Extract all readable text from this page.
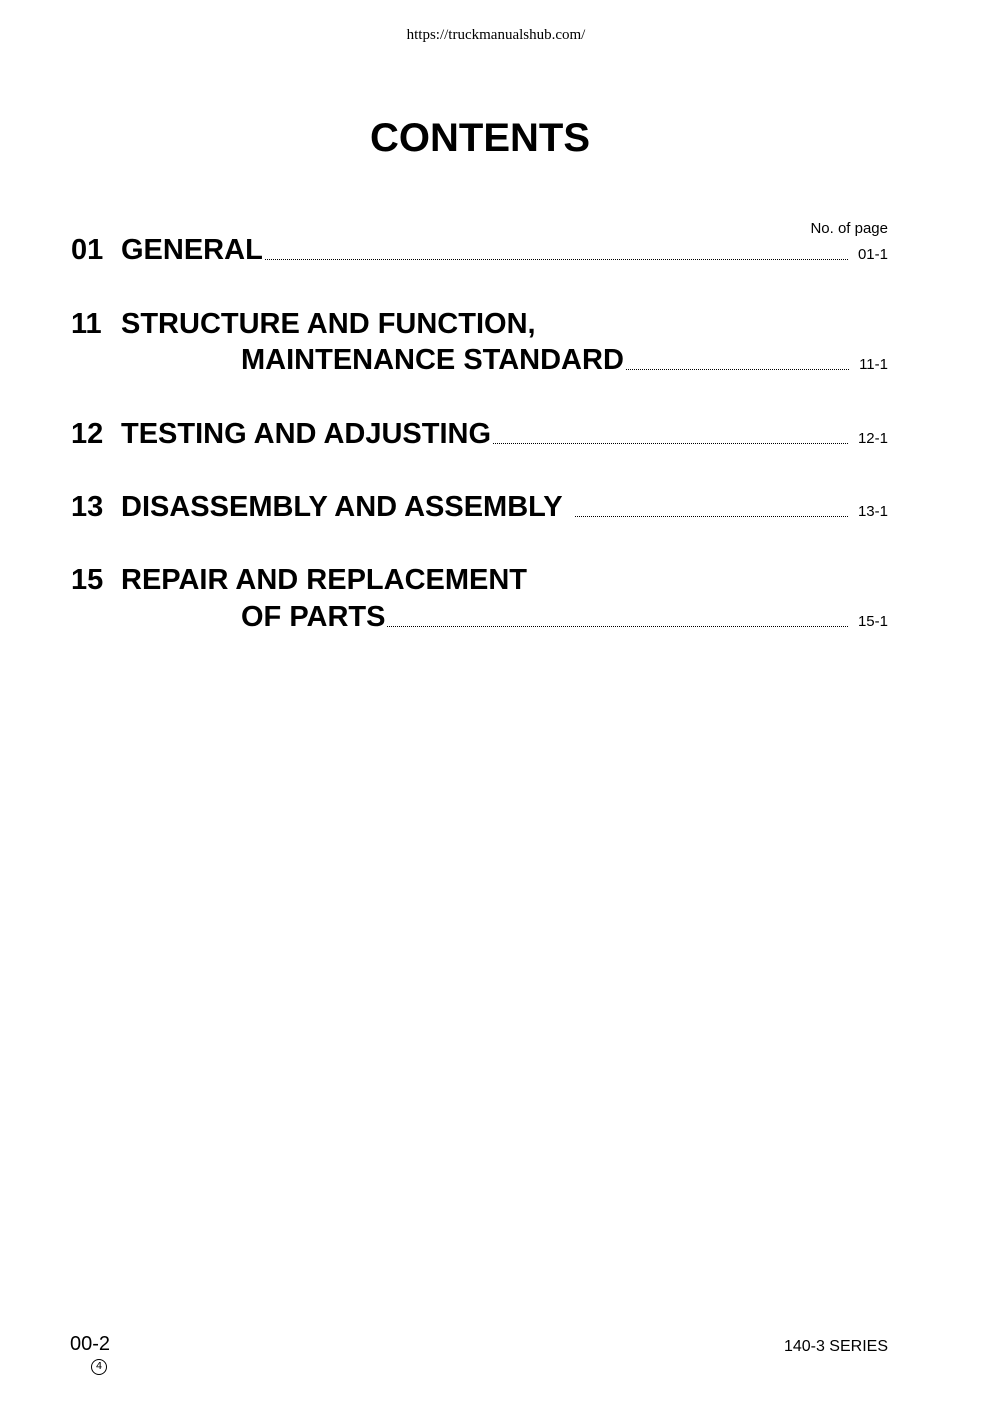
https://truckmanualshub.com/
CONTENTS
No. of page
01 GENERAL	01-1
11 STRUCTURE AND FUNCTION,
MAINTENANCE STANDARD	11-1
12 TESTING AND ADJUSTING	12-1
13 DISASSEMBLY AND ASSEMBLY	13-1
15 REPAIR AND REPLACEMENT
OF PARTS	15-1
00-2
4
140-3 SERIES
